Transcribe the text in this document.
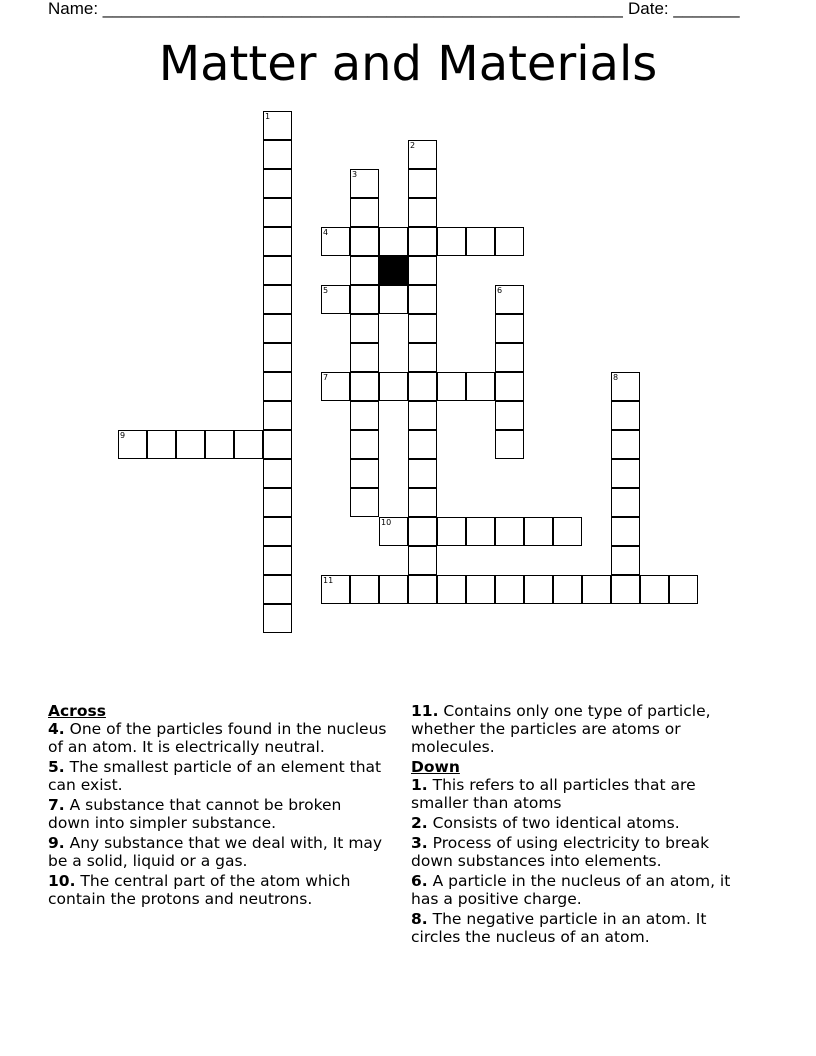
Name: _______________________________________________________ Date: _______
Matter and Materials
1
2
3
4
5	6
7	8
9
10
11
Across
4. One of the particles found in the nucleus of an atom. It is electrically neutral.
5. The smallest particle of an element that can exist.
7. A substance that cannot be broken down into simpler substance.
9. Any substance that we deal with, It may be a solid, liquid or a gas.
10. The central part of the atom which contain the protons and neutrons.
11. Contains only one type of particle, whether the particles are atoms or molecules.
Down
1. This refers to all particles that are smaller than atoms
2. Consists of two identical atoms.
3. Process of using electricity to break down substances into elements.
6. A particle in the nucleus of an atom, it has a positive charge.
8. The negative particle in an atom. It circles the nucleus of an atom.
